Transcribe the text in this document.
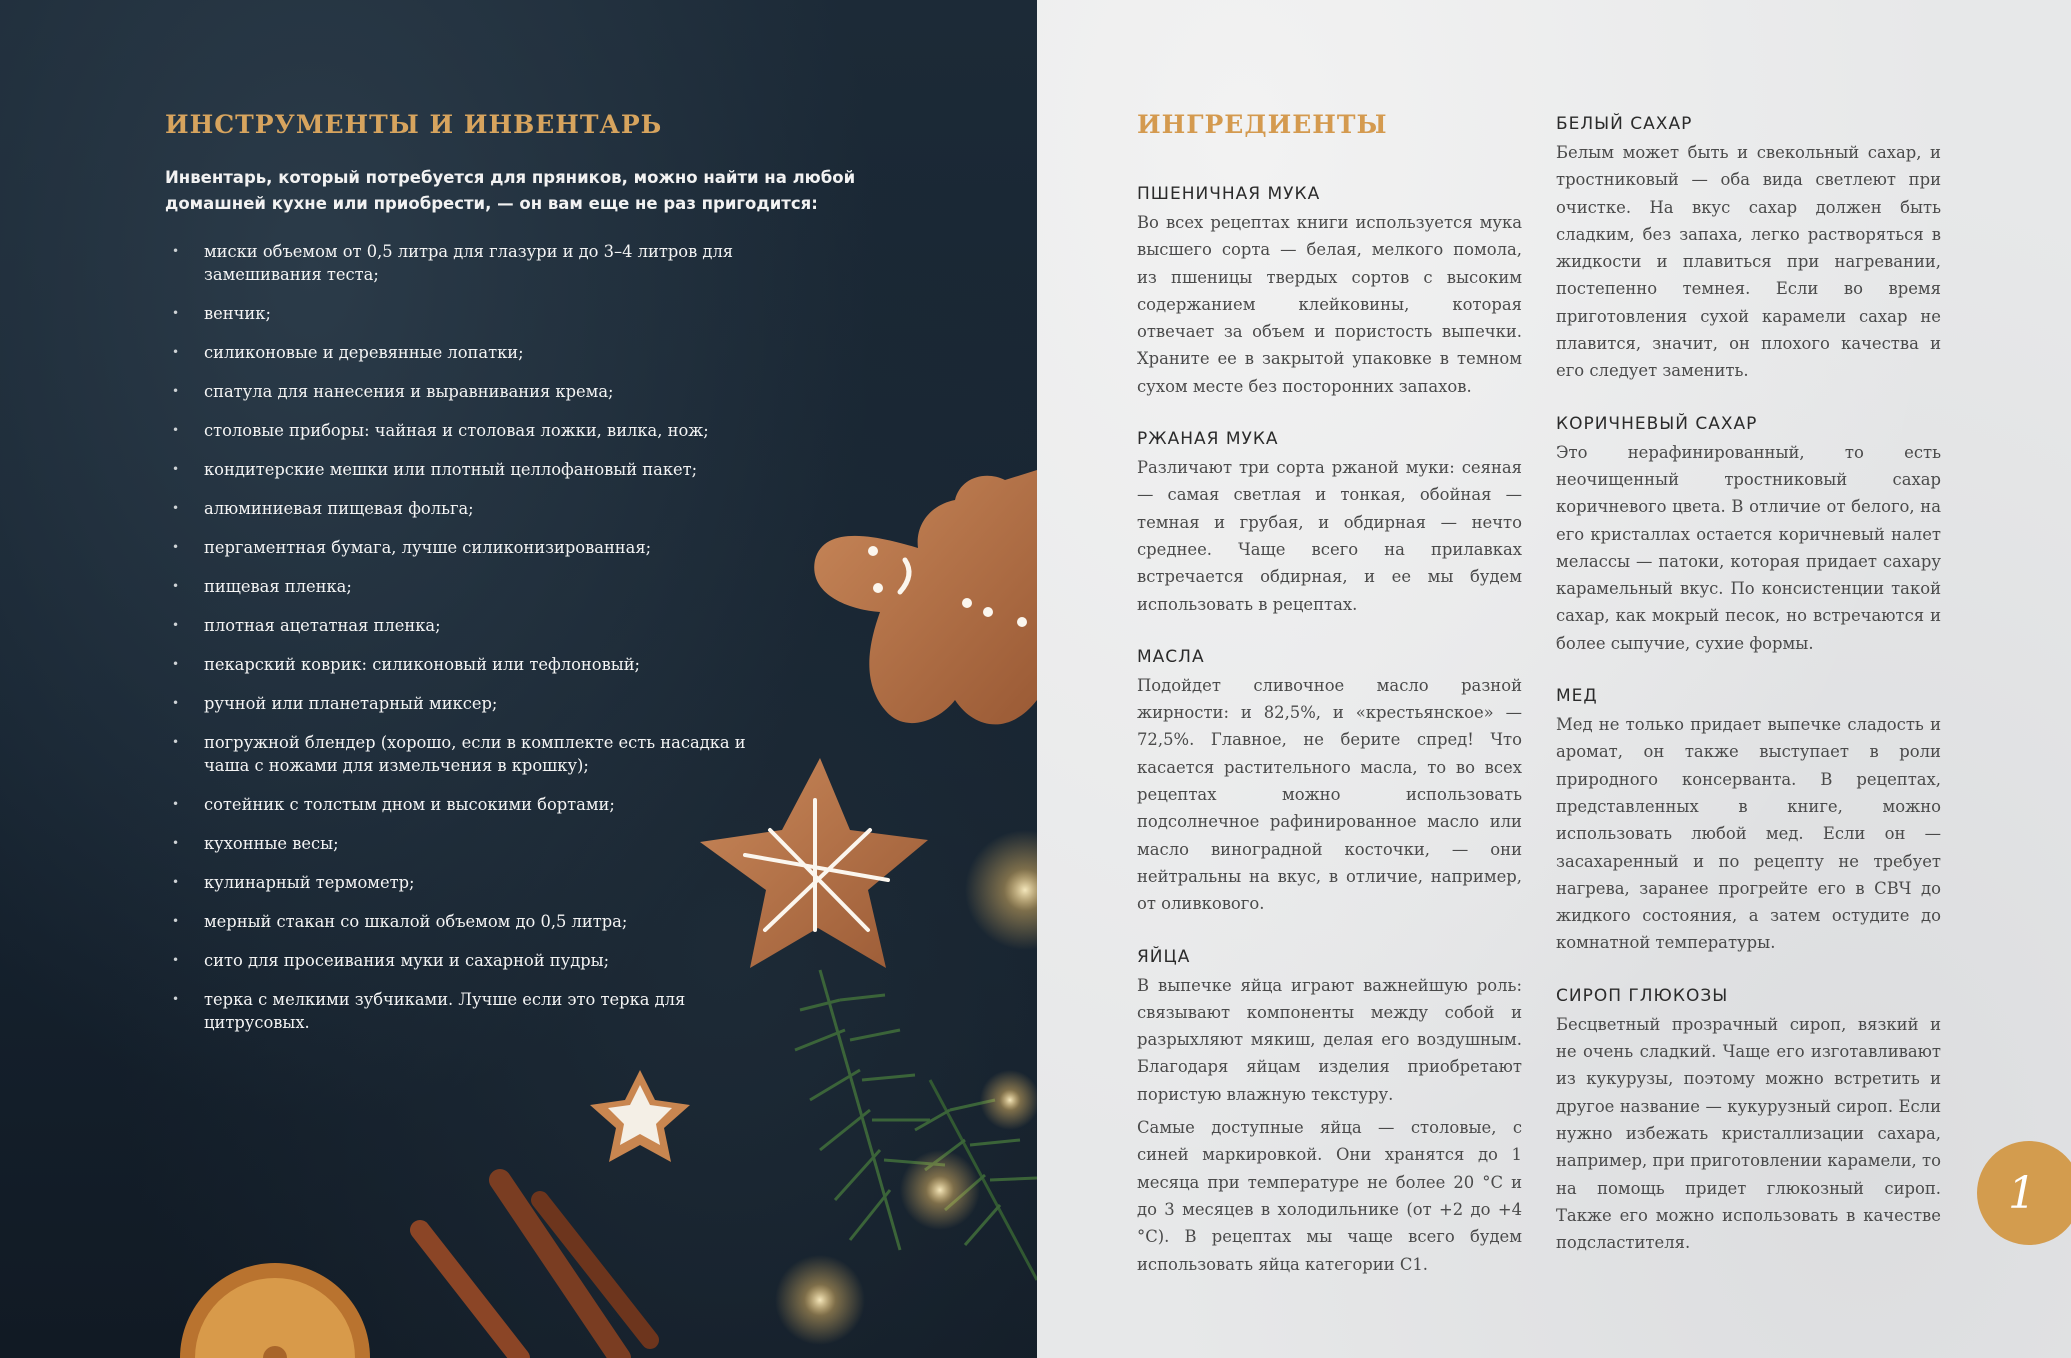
ИНСТРУМЕНТЫ И ИНВЕНТАРЬ
Инвентарь, который потребуется для пряников, можно найти на любой домашней кухне или приобрести, — он вам еще не раз пригодится:
• миски объемом от 0,5 литра для глазури и до 3–4 литров для замешивания теста;
• венчик;
• силиконовые и деревянные лопатки;
• спатула для нанесения и выравнивания крема;
• столовые приборы: чайная и столовая ложки, вилка, нож;
• кондитерские мешки или плотный целлофановый пакет;
• алюминиевая пищевая фольга;
• пергаментная бумага, лучше силиконизированная;
• пищевая пленка;
• плотная ацетатная пленка;
• пекарский коврик: силиконовый или тефлоновый;
• ручной или планетарный миксер;
• погружной блендер (хорошо, если в комплекте есть насадка и чаша с ножами для измельчения в крошку);
• сотейник с толстым дном и высокими бортами;
• кухонные весы;
• кулинарный термометр;
• мерный стакан со шкалой объемом до 0,5 литра;
• сито для просеивания муки и сахарной пудры;
• терка с мелкими зубчиками. Лучше если это терка для цитрусовых.
ИНГРЕДИЕНТЫ
ПШЕНИЧНАЯ МУКА
Во всех рецептах книги используется мука высшего сорта — белая, мелкого помола, из пшеницы твердых сортов с высоким содержанием клейковины, которая отвечает за объем и пористость выпечки. Храните ее в закрытой упаковке в темном сухом месте без посторонних запахов.
РЖАНАЯ МУКА
Различают три сорта ржаной муки: сеяная — самая светлая и тонкая, обойная — темная и грубая, и обдирная — нечто среднее. Чаще всего на прилавках встречается обдирная, и ее мы будем использовать в рецептах.
МАСЛА
Подойдет сливочное масло разной жирности: и 82,5%, и «крестьянское» — 72,5%. Главное, не берите спред! Что касается растительного масла, то во всех рецептах можно использовать подсолнечное рафинированное масло или масло виноградной косточки, — они нейтральны на вкус, в отличие, например, от оливкового.
ЯЙЦА
В выпечке яйца играют важнейшую роль: связывают компоненты между собой и разрыхляют мякиш, делая его воздушным. Благодаря яйцам изделия приобретают пористую влажную текстуру.
Самые доступные яйца — столовые, с синей маркировкой. Они хранятся до 1 месяца при температуре не более 20 °С и до 3 месяцев в холодильнике (от +2 до +4 °С). В рецептах мы чаще всего будем использовать яйца категории С1.
БЕЛЫЙ САХАР
Белым может быть и свекольный сахар, и тростниковый — оба вида светлеют при очистке. На вкус сахар должен быть сладким, без запаха, легко растворяться в жидкости и плавиться при нагревании, постепенно темнея. Если во время приготовления сухой карамели сахар не плавится, значит, он плохого качества и его следует заменить.
КОРИЧНЕВЫЙ САХАР
Это нерафинированный, то есть неочищенный тростниковый сахар коричневого цвета. В отличие от белого, на его кристаллах остается коричневый налет мелассы — патоки, которая придает сахару карамельный вкус. По консистенции такой сахар, как мокрый песок, но встречаются и более сыпучие, сухие формы.
МЕД
Мед не только придает выпечке сладость и аромат, он также выступает в роли природного консерванта. В рецептах, представленных в книге, можно использовать любой мед. Если он — засахаренный и по рецепту не требует нагрева, заранее прогрейте его в СВЧ до жидкого состояния, а затем остудите до комнатной температуры.
СИРОП ГЛЮКОЗЫ
Бесцветный прозрачный сироп, вязкий и не очень сладкий. Чаще его изготавливают из кукурузы, поэтому можно встретить и другое название — кукурузный сироп. Если нужно избежать кристаллизации сахара, например, при приготовлении карамели, то на помощь придет глюкозный сироп. Также его можно использовать в качестве подсластителя.
1
